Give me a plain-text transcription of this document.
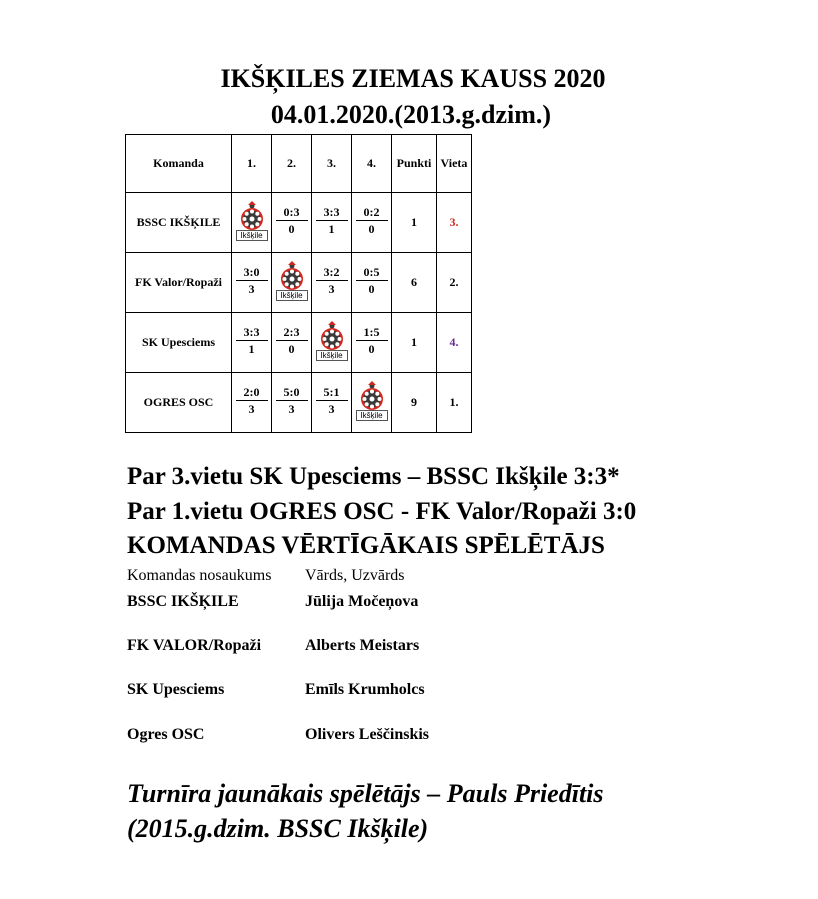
IKŠĶILES ZIEMAS KAUSS 2020
04.01.2020.(2013.g.dzim.)
Komanda	1.	2.	3.	4.	Punkti	Vieta
BSSC IKŠĶILE	Ikšķile	$\frac{0:3}{0}$	$\frac{3:3}{1}$	$\frac{0:2}{0}$	1	3.
FK Valor/Ropaži	$\frac{3:0}{3}$	Ikšķile	$\frac{3:2}{3}$	$\frac{0:5}{0}$	6	2.
SK Upesciems	$\frac{3:3}{1}$	$\frac{2:3}{0}$	Ikšķile	$\frac{1:5}{0}$	1	4.
OGRES OSC	$\frac{2:0}{3}$	$\frac{5:0}{3}$	$\frac{5:1}{3}$	Ikšķile	9	1.
Par 3.vietu SK Upesciems – BSSC Ikšķile 3:3*
Par 1.vietu OGRES OSC - FK Valor/Ropaži 3:0
KOMANDAS VĒRTĪGĀKAIS SPĒLĒTĀJS
Komandas nosaukums Vārds, Uzvārds
BSSC IKŠĶILE	Jūlija Močeņova
FK VALOR/Ropaži	Alberts Meistars
SK Upesciems	Emīls Krumholcs
Ogres OSC	Olivers Leščinskis
Turnīra jaunākais spēlētājs – Pauls Priedītis
(2015.g.dzim. BSSC Ikšķile)
